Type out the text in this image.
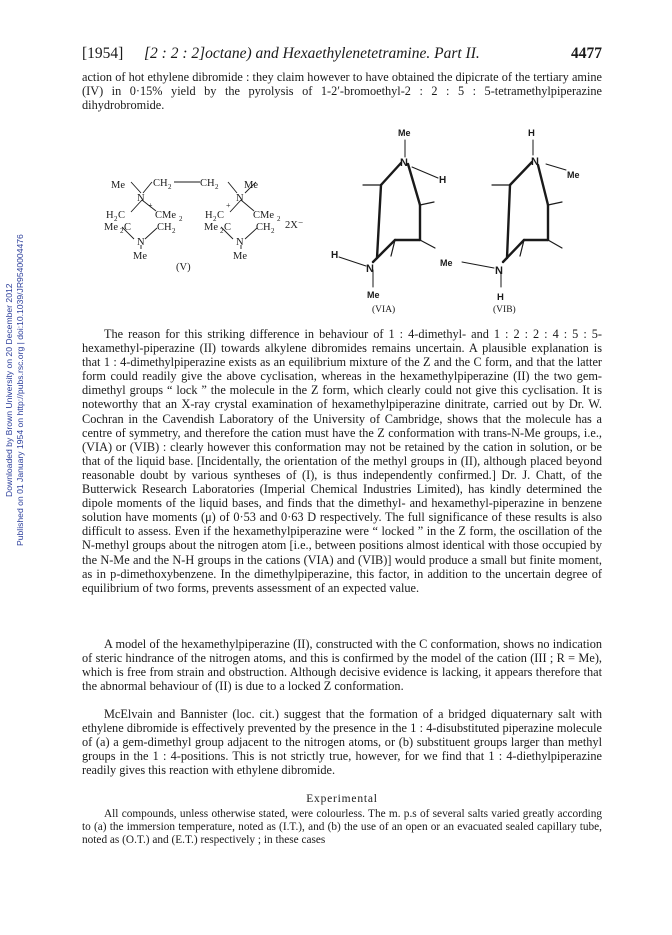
Downloaded by Brown University on 20 December 2012 Published on 01 January 1954 on http://pubs.rsc.org | doi:10.1039/JR9540004476
[1954] [2 : 2 : 2]octane) and Hexaethylenetetramine. Part II.	4477

action of hot ethylene dibromide : they claim however to have obtained the dipicrate of the tertiary amine (IV) in 0·15% yield by the pyrolysis of 1-2′-bromoethyl-2 : 2 : 5 : 5-tetramethylpiperazine dihydrobromide.

Me	CH 2	CH 2 Me
N	N
+	+
H 2 C	CMe 2
Me 2 C CH 2
H 2 C	CMe 2
Me 2 C CH 2
N	N
Me	Me
2X⁻
(V)
Me
N
H
H
N
Me
(VIA)
H
N
Me
Me
N
H
(VIB)

The reason for this striking difference in behaviour of 1 : 4-dimethyl- and 1 : 2 : 2 : 4 : 5 : 5-hexamethyl-piperazine (II) towards alkylene dibromides remains uncertain. A plausible explanation is that 1 : 4-dimethylpiperazine exists as an equilibrium mixture of the Z and the C form, and that the latter form could readily give the above cyclisation, whereas in the hexamethylpiperazine (II) the two gem-dimethyl groups “ lock ” the molecule in the Z form, which clearly could not give this cyclisation. It is noteworthy that an X-ray crystal examination of hexamethylpiperazine dinitrate, carried out by Dr. W. Cochran in the Cavendish Laboratory of the University of Cambridge, shows that the molecule has a centre of symmetry, and therefore the cation must have the Z conformation with trans-N-Me groups, i.e., (VIA) or (VIB) : clearly however this conformation may not be retained by the cation in solution, or be that of the liquid base. [Incidentally, the orientation of the methyl groups in (II), although placed beyond reasonable doubt by various syntheses of (I), is thus independently confirmed.] Dr. J. Chatt, of the Butterwick Research Laboratories (Imperial Chemical Industries Limited), has kindly determined the dipole moments of the liquid bases, and finds that the dimethyl- and hexamethyl-piperazine in benzene solution have moments (μ) of 0·53 and 0·63 D respectively. The full significance of these results is also difficult to assess. Even if the hexamethylpiperazine were “ locked ” in the Z form, the oscillation of the N-methyl groups about the nitrogen atom [i.e., between positions almost identical with those occupied by the N-Me and the N-H groups in the cations (VIA) and (VIB)] would produce a small but finite moment, as in p-dimethoxybenzene. In the dimethylpiperazine, this factor, in addition to the uncertain degree of equilibrium of two forms, prevents assessment of an expected value.

A model of the hexamethylpiperazine (II), constructed with the C conformation, shows no indication of steric hindrance of the nitrogen atoms, and this is confirmed by the model of the cation (III ; R = Me), which is free from strain and obstruction. Although decisive evidence is lacking, it appears therefore that the abnormal behaviour of (II) is due to a locked Z conformation.

McElvain and Bannister (loc. cit.) suggest that the formation of a bridged diquaternary salt with ethylene dibromide is effectively prevented by the presence in the 1 : 4-disubstituted piperazine molecule of (a) a gem-dimethyl group adjacent to the nitrogen atoms, or (b) substituent groups larger than methyl groups in the 1 : 4-positions. This is not strictly true, however, for we find that 1 : 4-diethylpiperazine readily gives this reaction with ethylene dibromide.

Experimental

All compounds, unless otherwise stated, were colourless. The m. p.s of several salts varied greatly according to (a) the immersion temperature, noted as (I.T.), and (b) the use of an open or an evacuated sealed capillary tube, noted as (O.T.) and (E.T.) respectively ; in these cases
